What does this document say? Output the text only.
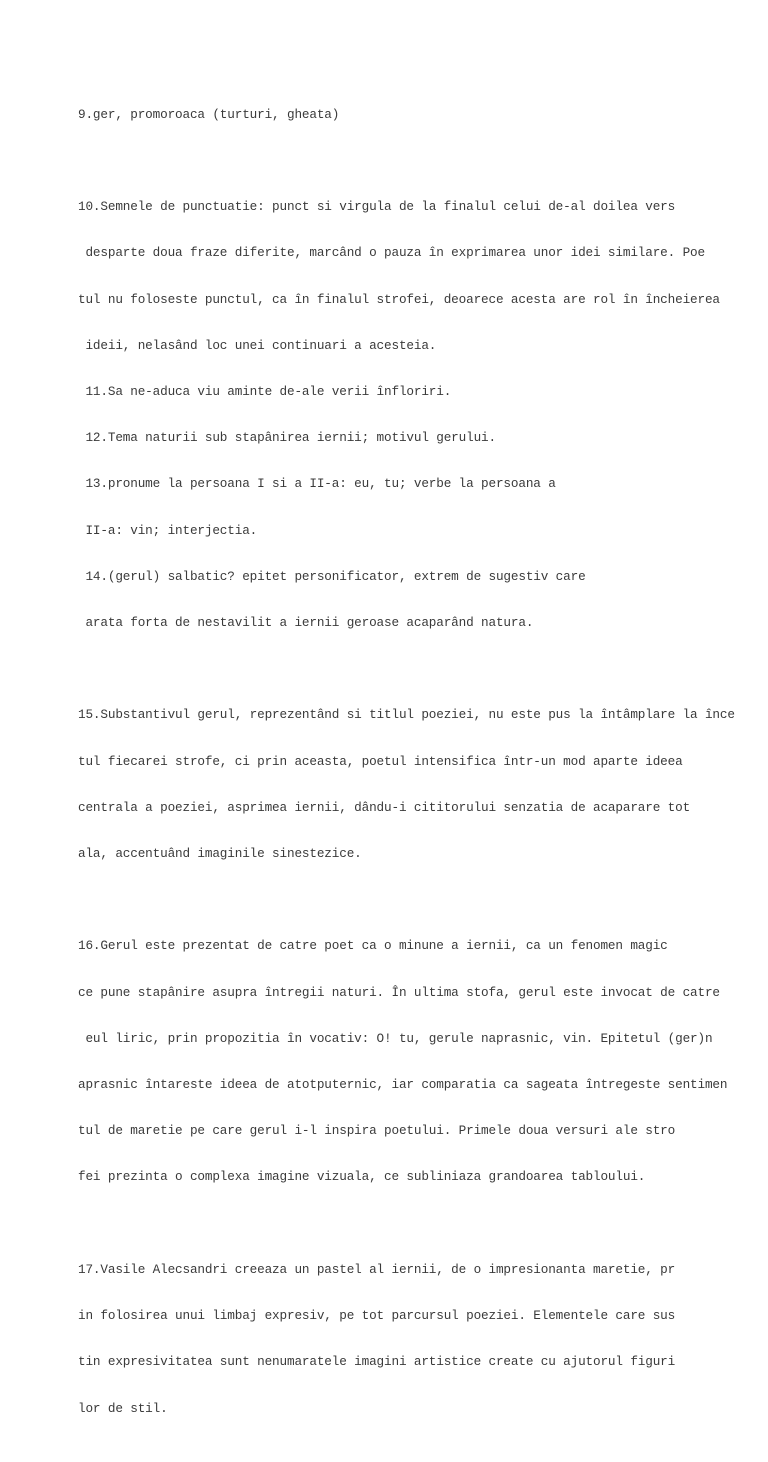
9.ger, promoroaca (turturi, gheata)

10.Semnele de punctuatie: punct si virgula de la finalul celui de-al doilea vers

desparte doua fraze diferite, marcând o pauza în exprimarea unor idei similare. Poe

tul nu foloseste punctul, ca în finalul strofei, deoarece acesta are rol în încheierea

ideii, nelasând loc unei continuari a acesteia.

11.Sa ne-aduca viu aminte de-ale verii înfloriri.

12.Tema naturii sub stapânirea iernii; motivul gerului.

13.pronume la persoana I si a II-a: eu, tu; verbe la persoana a

II-a: vin; interjectia.

14.(gerul) salbatic? epitet personificator, extrem de sugestiv care

arata forta de nestavilit a iernii geroase acaparând natura.

15.Substantivul gerul, reprezentând si titlul poeziei, nu este pus la întâmplare la înce

tul fiecarei strofe, ci prin aceasta, poetul intensifica într-un mod aparte ideea

centrala a poeziei, asprimea iernii, dându-i cititorului senzatia de acaparare tot

ala, accentuând imaginile sinestezice.

16.Gerul este prezentat de catre poet ca o minune a iernii, ca un fenomen magic

ce pune stapânire asupra întregii naturi. În ultima stofa, gerul este invocat de catre

eul liric, prin propozitia în vocativ: O! tu, gerule naprasnic, vin. Epitetul (ger)n

aprasnic întareste ideea de atotputernic, iar comparatia ca sageata întregeste sentimen

tul de maretie pe care gerul i-l inspira poetului. Primele doua versuri ale stro

fei prezinta o complexa imagine vizuala, ce subliniaza grandoarea tabloului.

17.Vasile Alecsandri creeaza un pastel al iernii, de o impresionanta maretie, pr

in folosirea unui limbaj expresiv, pe tot parcursul poeziei. Elementele care sus

tin expresivitatea sunt nenumaratele imagini artistice create cu ajutorul figuri

lor de stil.
